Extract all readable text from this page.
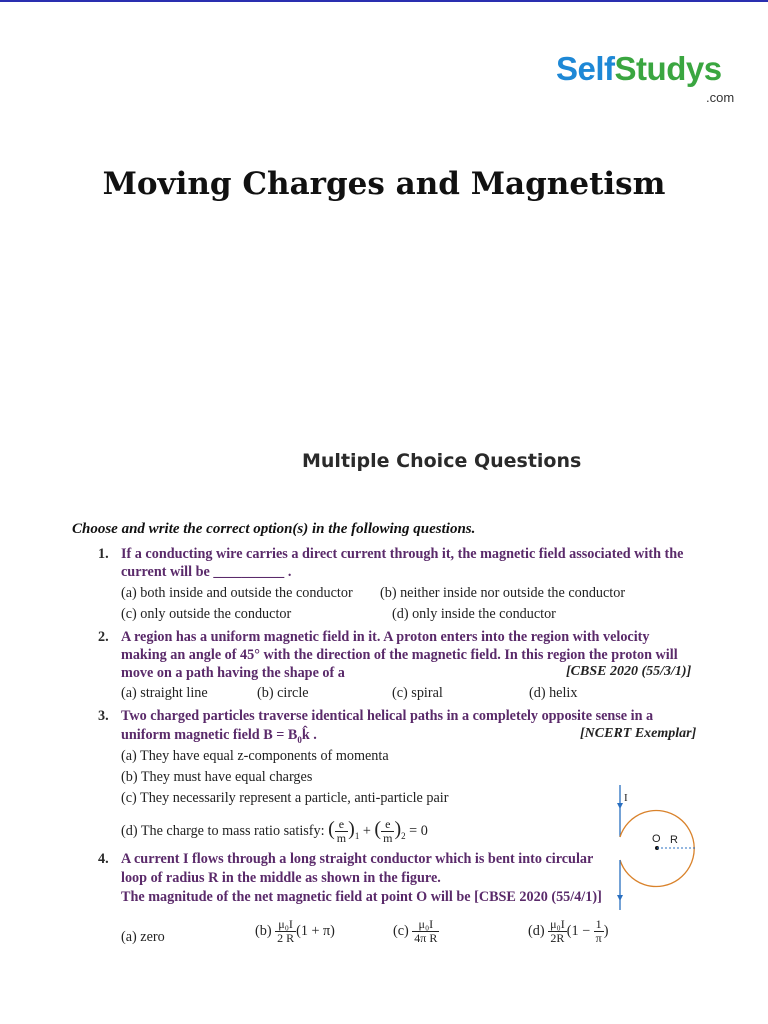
SelfStudys
.com
Moving Charges and Magnetism
Multiple Choice Questions
Choose and write the correct option(s) in the following questions.
1. If a conducting wire carries a direct current through it, the magnetic field associated with the
current will be __________ .
(a) both inside and outside the conductor (b) neither inside nor outside the conductor
(c) only outside the conductor	(d) only inside the conductor
2. A region has a uniform magnetic field in it. A proton enters into the region with velocity
making an angle of 45° with the direction of the magnetic field. In this region the proton will
move on a path having the shape of a	[CBSE 2020 (55/3/1)]
(a) straight line	(b) circle	(c) spiral	(d) helix
3. Two charged particles traverse identical helical paths in a completely opposite sense in a
uniform magnetic field $B = B_0k̂$ .	[NCERT Exemplar]
(a) They have equal z-components of momenta
(b) They must have equal charges
(c) They necessarily represent a particle, anti-particle pair
(d) The charge to mass ratio satisfy: ( $\frac{e}{m} )_1$ + ( $\frac{e}{m} )_2 = 0$
4. A current I flows through a long straight conductor which is bent into circular
loop of radius R in the middle as shown in the figure.
The magnitude of the net magnetic field at point O will be [CBSE 2020 (55/4/1)]
I
O R
(a) zero	$(b) \frac{\text{μ₀I}}{2 R} (1 + \pi)$	$(c) \frac{\text{μ₀I}}{\text{4π R}}$	$(d) \frac{\text{μ₀I}}{2R} (1 - \frac{1}{\pi}$ )
